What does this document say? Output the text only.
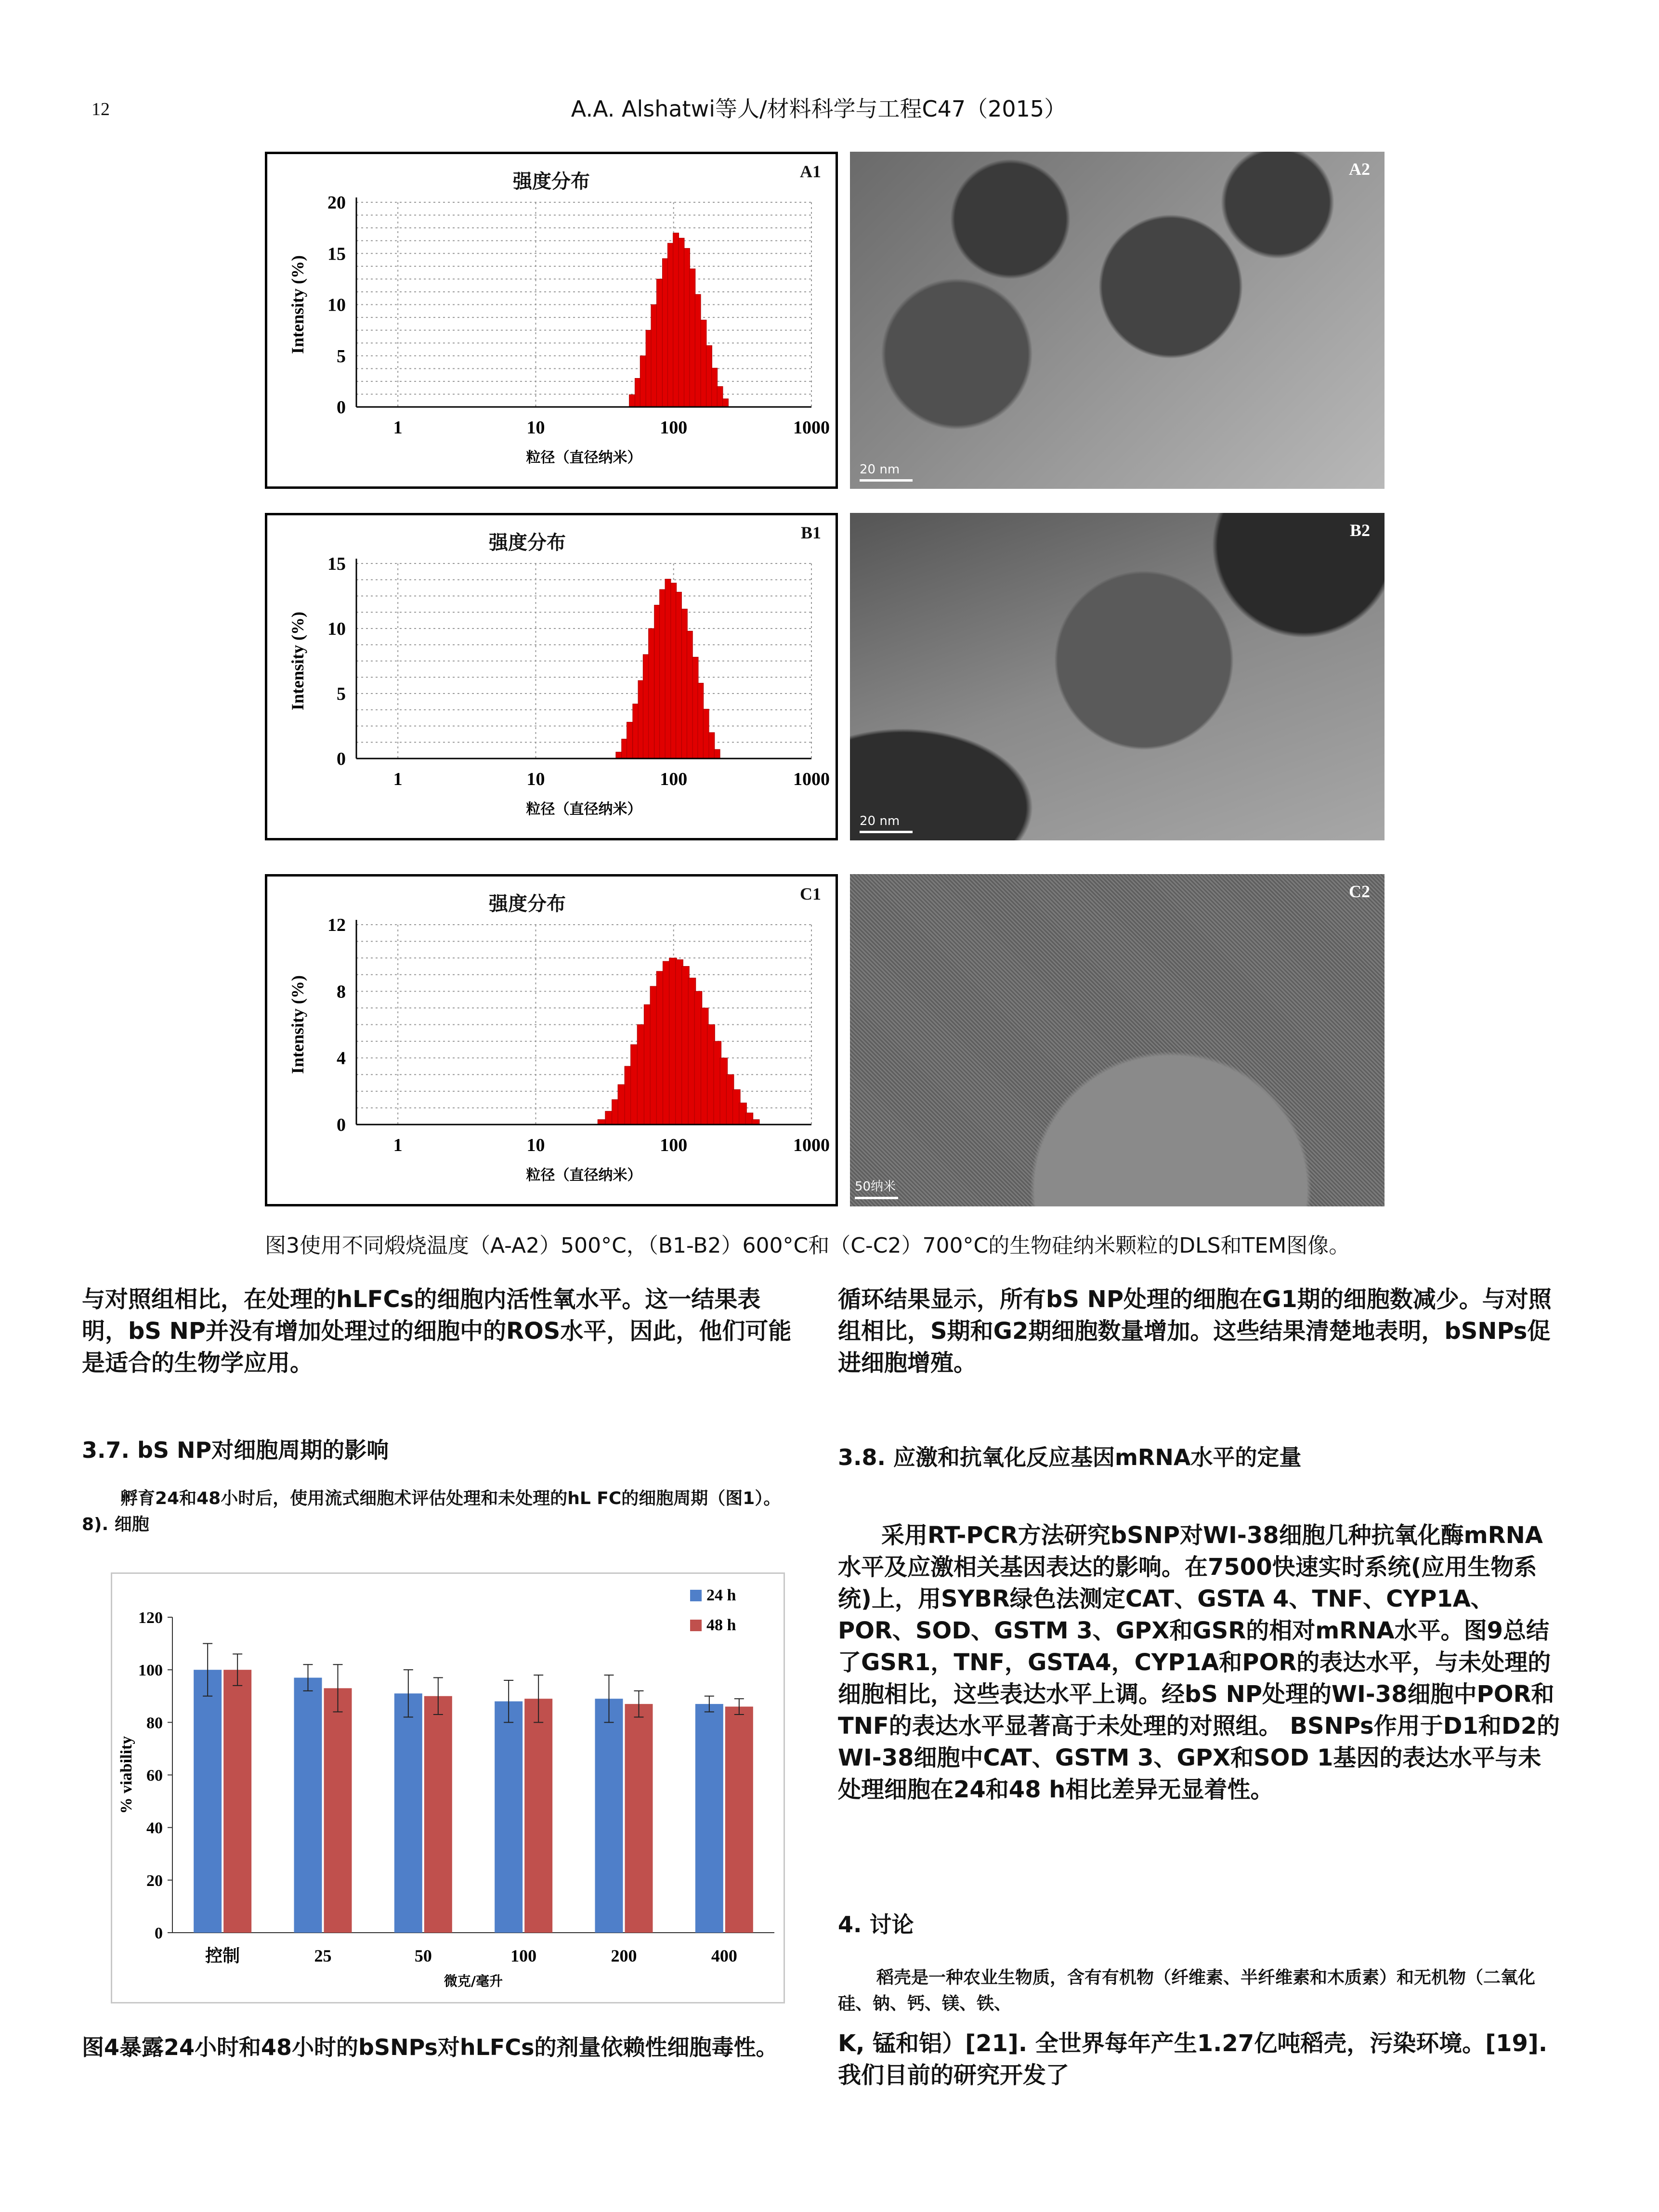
12	A.A. Alshatwi等人/材料科学与工程C47（2015）
强度分布	A1
0
5
10
15
20
1	10	100	1000
粒径（直径纳米）
Intensity (%)
强度分布	B1
0
5
10
15
1	10	100	1000
粒径（直径纳米）
Intensity (%)
强度分布	C1
0
4
8
12
1	10	100	1000
粒径（直径纳米）
Intensity (%)
A2
20 nm
B2
20 nm
C2
50纳米
图3使用不同煅烧温度（A-A2）500°C，（B1-B2）600°C和（C-C2）700°C的生物硅纳米颗粒的DLS和TEM图像。
与对照组相比，在处理的hLFCs的细胞内活性氧水平。这一结果表明，bS NP并没有增加处理过的细胞中的ROS水平，因此，他们可能是适合的生物学应用。
3.7. bS NP对细胞周期的影响
孵育24和48小时后，使用流式细胞术评估处理和未处理的hL FC的细胞周期（图1）。8). 细胞
0
20
40
60
80
100
120
控制	25	50	100	200	400
微克/毫升
% viability
24 h
48 h
图4暴露24小时和48小时的bSNPs对hLFCs的剂量依赖性细胞毒性。
循环结果显示，所有bS NP处理的细胞在G1期的细胞数减少。与对照组相比，S期和G2期细胞数量增加。这些结果清楚地表明，bSNPs促进细胞增殖。
3.8. 应激和抗氧化反应基因mRNA水平的定量
采用RT-PCR方法研究bSNP对WI-38细胞几种抗氧化酶mRNA水平及应激相关基因表达的影响。在7500快速实时系统(应用生物系统)上，用SYBR绿色法测定CAT、GSTA 4、TNF、CYP1A、POR、SOD、GSTM 3、GPX和GSR的相对mRNA水平。图9总结了GSR1，TNF，GSTA4，CYP1A和POR的表达水平，与未处理的细胞相比，这些表达水平上调。经bS NP处理的WI-38细胞中POR和TNF的表达水平显著高于未处理的对照组。 BSNPs作用于D1和D2的WI-38细胞中CAT、GSTM 3、GPX和SOD 1基因的表达水平与未处理细胞在24和48 h相比差异无显着性。
4. 讨论
稻壳是一种农业生物质，含有有机物（纤维素、半纤维素和木质素）和无机物（二氧化硅、钠、钙、镁、铁、
K, 锰和铝）[21]. 全世界每年产生1.27亿吨稻壳，污染环境。[19]. 我们目前的研究开发了
